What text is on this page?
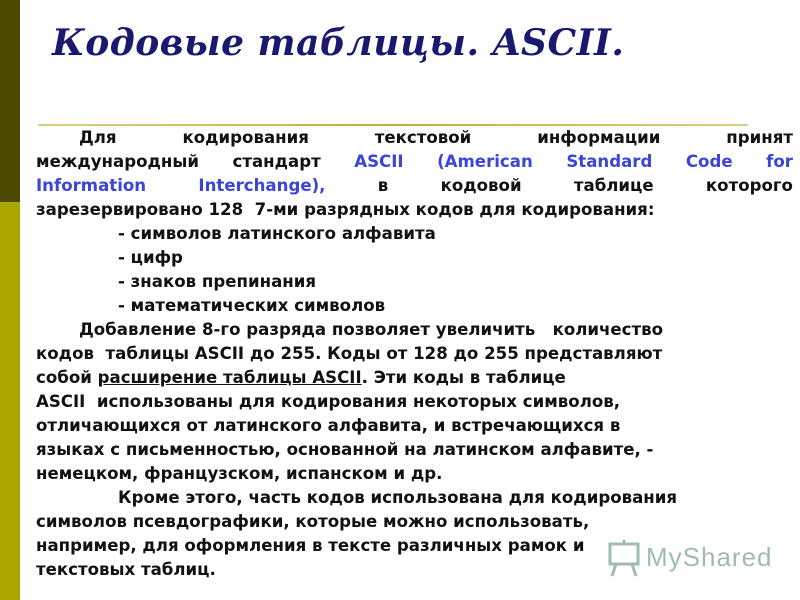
Кодовые таблицы. ASCII.
Для	кодирования	текстовой	информации	принят
международный стандарт ASCII (American Standard Code for
Information	Interchange),	в	кодовой	таблице	которого
зарезервировано 128  7-ми разрядных кодов для кодирования:
- символов латинского алфавита
- цифр
- знаков препинания
- математических символов
Добавление 8-го разряда позволяет увеличить   количество
кодов  таблицы ASCII до 255. Коды от 128 до 255 представляют
собой расширение таблицы ASCII. Эти коды в таблице
ASCII  использованы для кодирования некоторых символов,
отличающихся от латинского алфавита, и встречающихся в
языках с письменностью, основанной на латинском алфавите, -
немецком, французском, испанском и др.
Кроме этого, часть кодов использована для кодирования
символов псевдографики, которые можно использовать,
например, для оформления в тексте различных рамок и
текстовых таблиц.	MyShared
